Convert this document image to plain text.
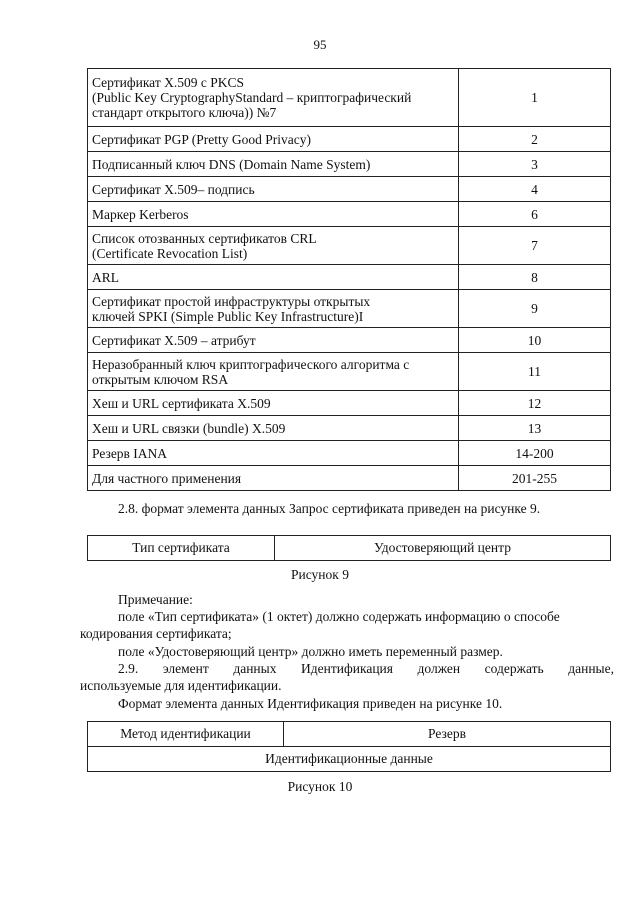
95
Сертификат X.509 с PKCS
(Public Key CryptographyStandard – криптографический
стандарт открытого ключа)) №7	1

Сертификат PGP (Pretty Good Privacy)	2

Подписанный ключ DNS (Domain Name System)	3

Сертификат X.509– подпись	4

Маркер Kerberos	6

Список отозванных сертификатов CRL
(Certificate Revocation List)	7

ARL	8

Сертификат простой инфраструктуры открытых
ключей SPKI (Simple Public Key Infrastructure)I	9

Сертификат X.509 – атрибут	10

Неразобранный ключ криптографического алгоритма с
открытым ключом RSA	11

Хеш и URL сертификата X.509	12

Хеш и URL связки (bundle) X.509	13

Резерв IANA	14-200

Для частного применения	201-255
2.8. формат элемента данных Запрос сертификата приведен на рисунке 9.
Тип сертификата	Удостоверяющий центр
Рисунок 9
Примечание:
поле «Тип сертификата» (1 октет) должно содержать информацию о способе
кодирования сертификата;
поле «Удостоверяющий центр» должно иметь переменный размер.
2.9.   элемент   данных   Идентификация   должен   содержать   данные,
используемые для идентификации.
Формат элемента данных Идентификация приведен на рисунке 10.
Метод идентификации	Резерв
Идентификационные данные
Рисунок 10
